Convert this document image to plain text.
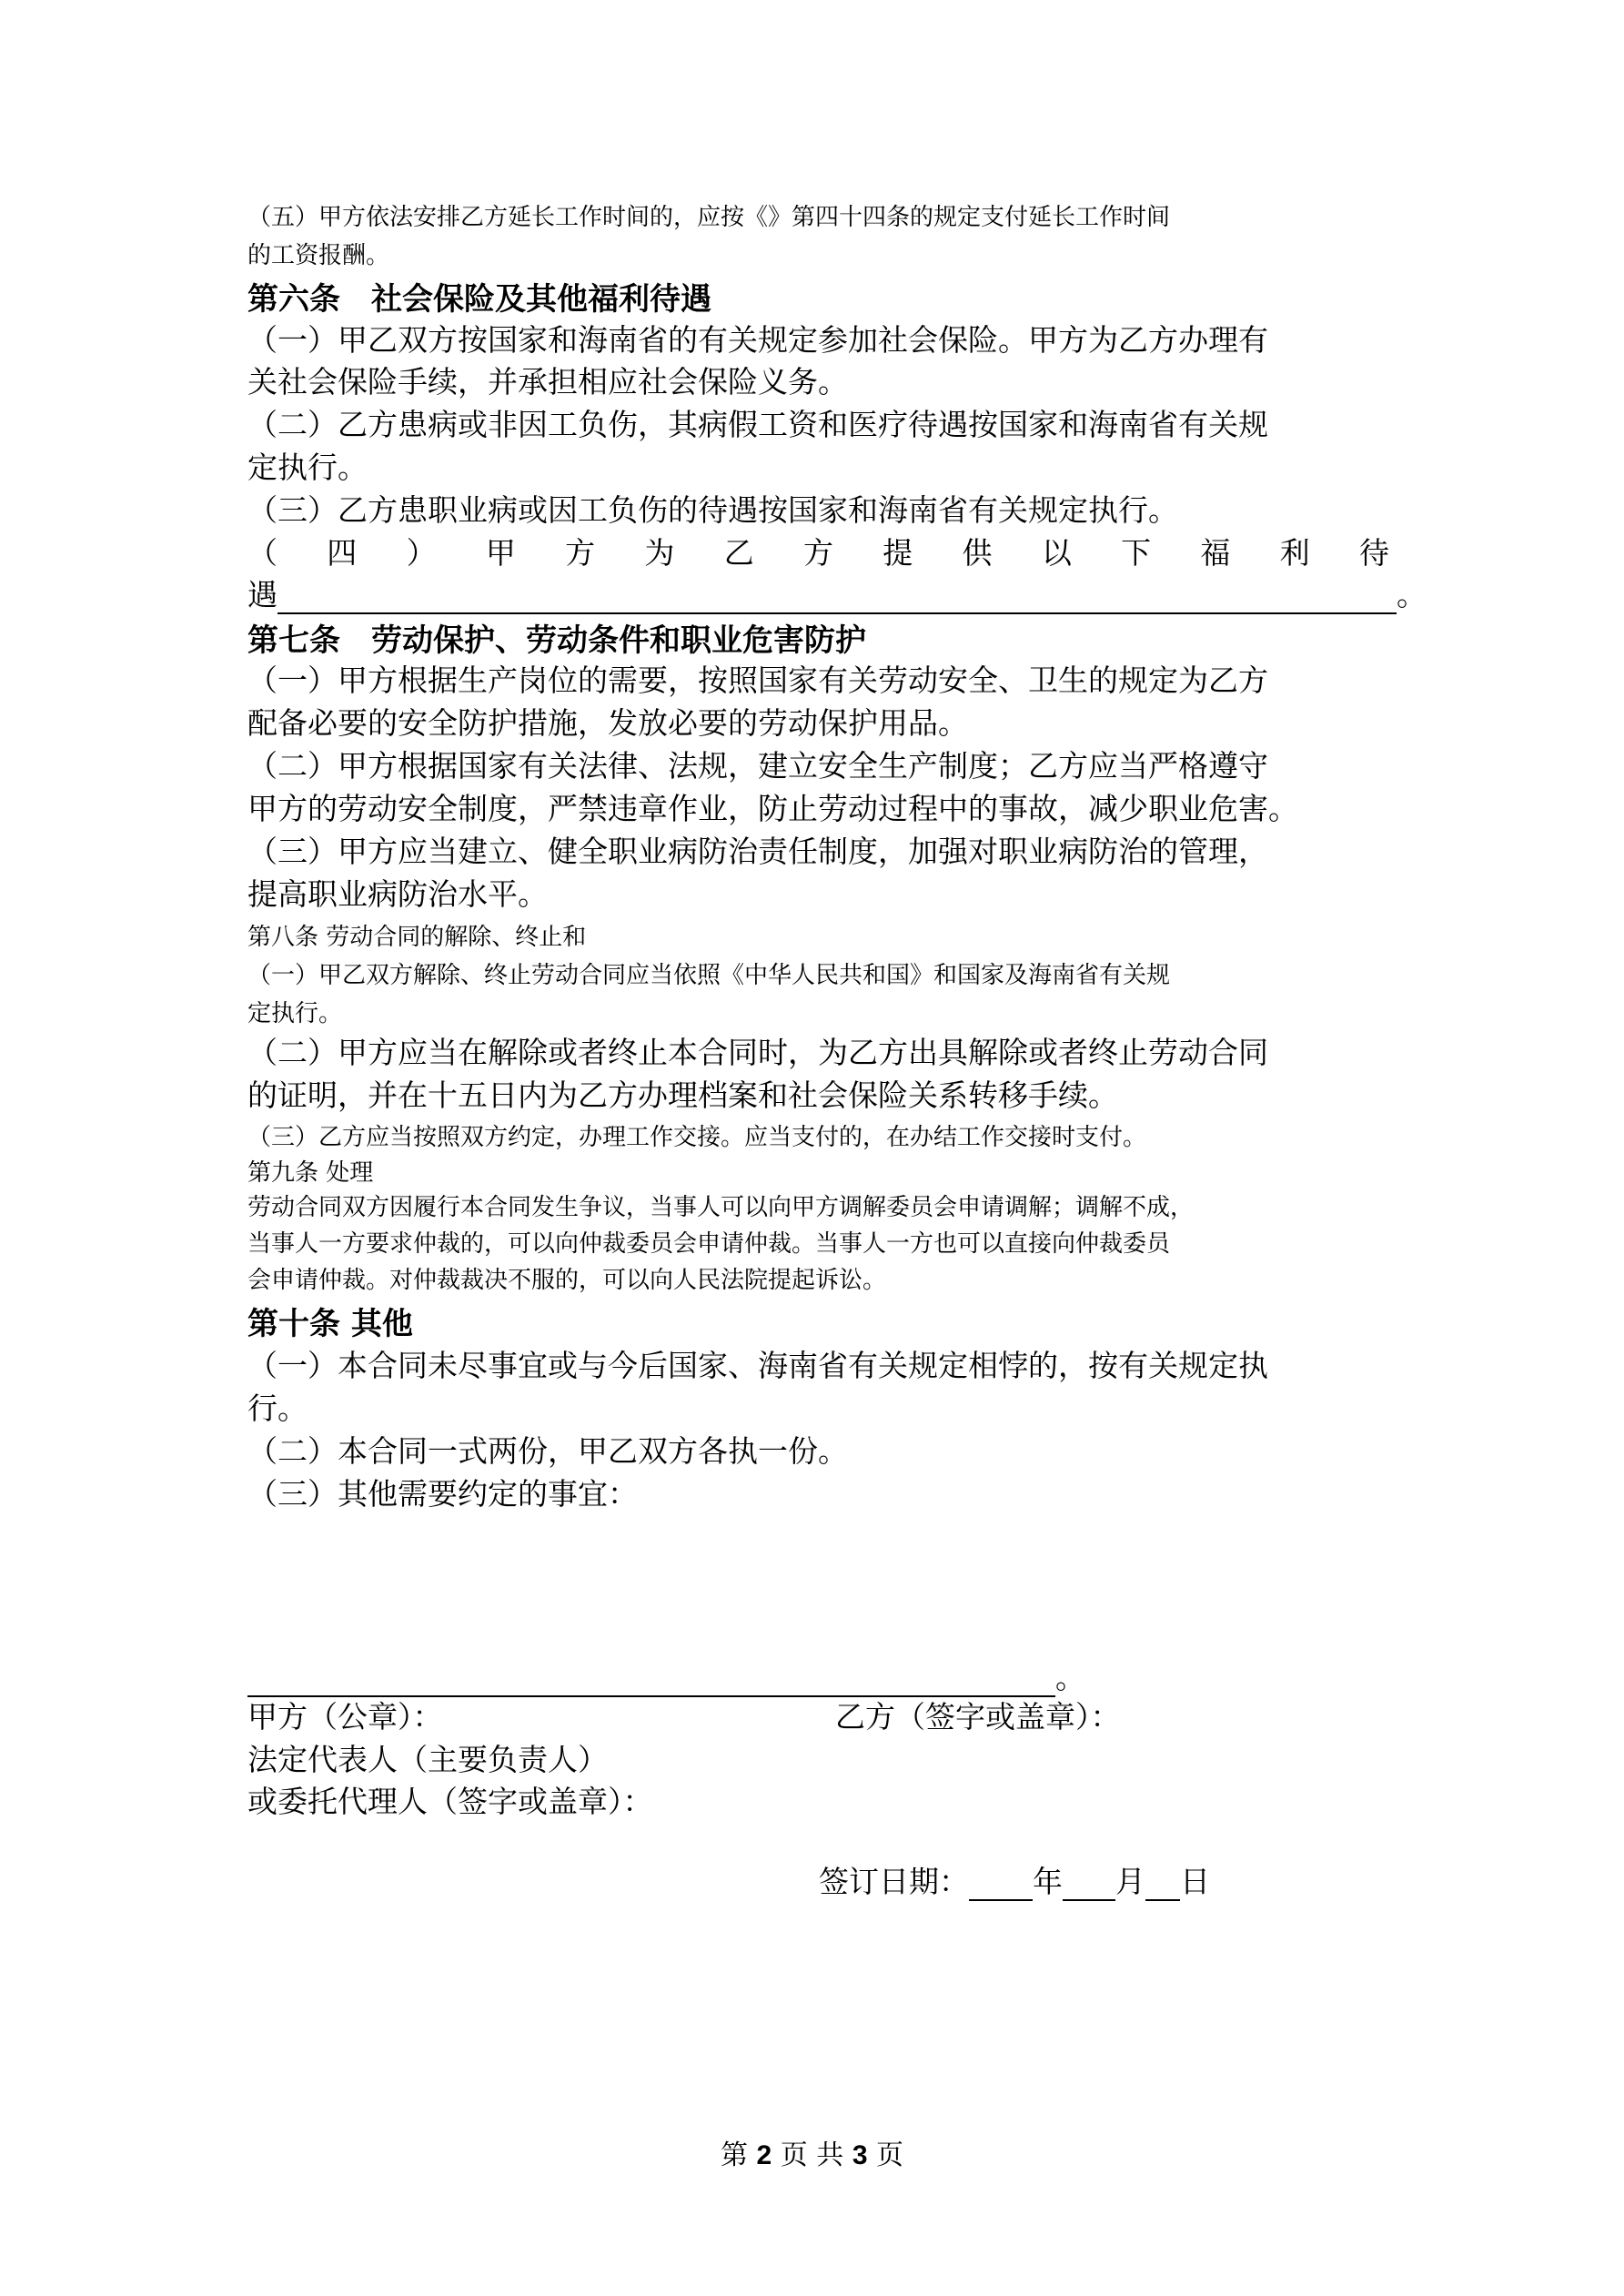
（五）甲方依法安排乙方延长工作时间的，应按《》第四十四条的规定支付延长工作时间
的工资报酬。
第六条　社会保险及其他福利待遇
（一）甲乙双方按国家和海南省的有关规定参加社会保险。甲方为乙方办理有
关社会保险手续，并承担相应社会保险义务。
（二）乙方患病或非因工负伤，其病假工资和医疗待遇按国家和海南省有关规
定执行。
（三）乙方患职业病或因工负伤的待遇按国家和海南省有关规定执行。
（ 四 ） 甲 方 为 乙 方 提 供 以 下 福 利 待
遇	。
第七条　劳动保护、劳动条件和职业危害防护
（一）甲方根据生产岗位的需要，按照国家有关劳动安全、卫生的规定为乙方
配备必要的安全防护措施，发放必要的劳动保护用品。
（二）甲方根据国家有关法律、法规，建立安全生产制度；乙方应当严格遵守
甲方的劳动安全制度，严禁违章作业，防止劳动过程中的事故，减少职业危害。
（三）甲方应当建立、健全职业病防治责任制度，加强对职业病防治的管理，
提高职业病防治水平。
第八条 劳动合同的解除、终止和
（一）甲乙双方解除、终止劳动合同应当依照《中华人民共和国》和国家及海南省有关规
定执行。
（二）甲方应当在解除或者终止本合同时，为乙方出具解除或者终止劳动合同
的证明，并在十五日内为乙方办理档案和社会保险关系转移手续。
（三）乙方应当按照双方约定，办理工作交接。应当支付的，在办结工作交接时支付。
第九条 处理
劳动合同双方因履行本合同发生争议，当事人可以向甲方调解委员会申请调解；调解不成，
当事人一方要求仲裁的，可以向仲裁委员会申请仲裁。当事人一方也可以直接向仲裁委员
会申请仲裁。对仲裁裁决不服的，可以向人民法院提起诉讼。
第十条 其他
（一）本合同未尽事宜或与今后国家、海南省有关规定相悖的，按有关规定执
行。
（二）本合同一式两份，甲乙双方各执一份。
（三）其他需要约定的事宜：
。
甲方（公章）：	乙方（签字或盖章）：
法定代表人（主要负责人）
或委托代理人（签字或盖章）：
签订日期： 年 月 日
第 2 页 共 3 页
